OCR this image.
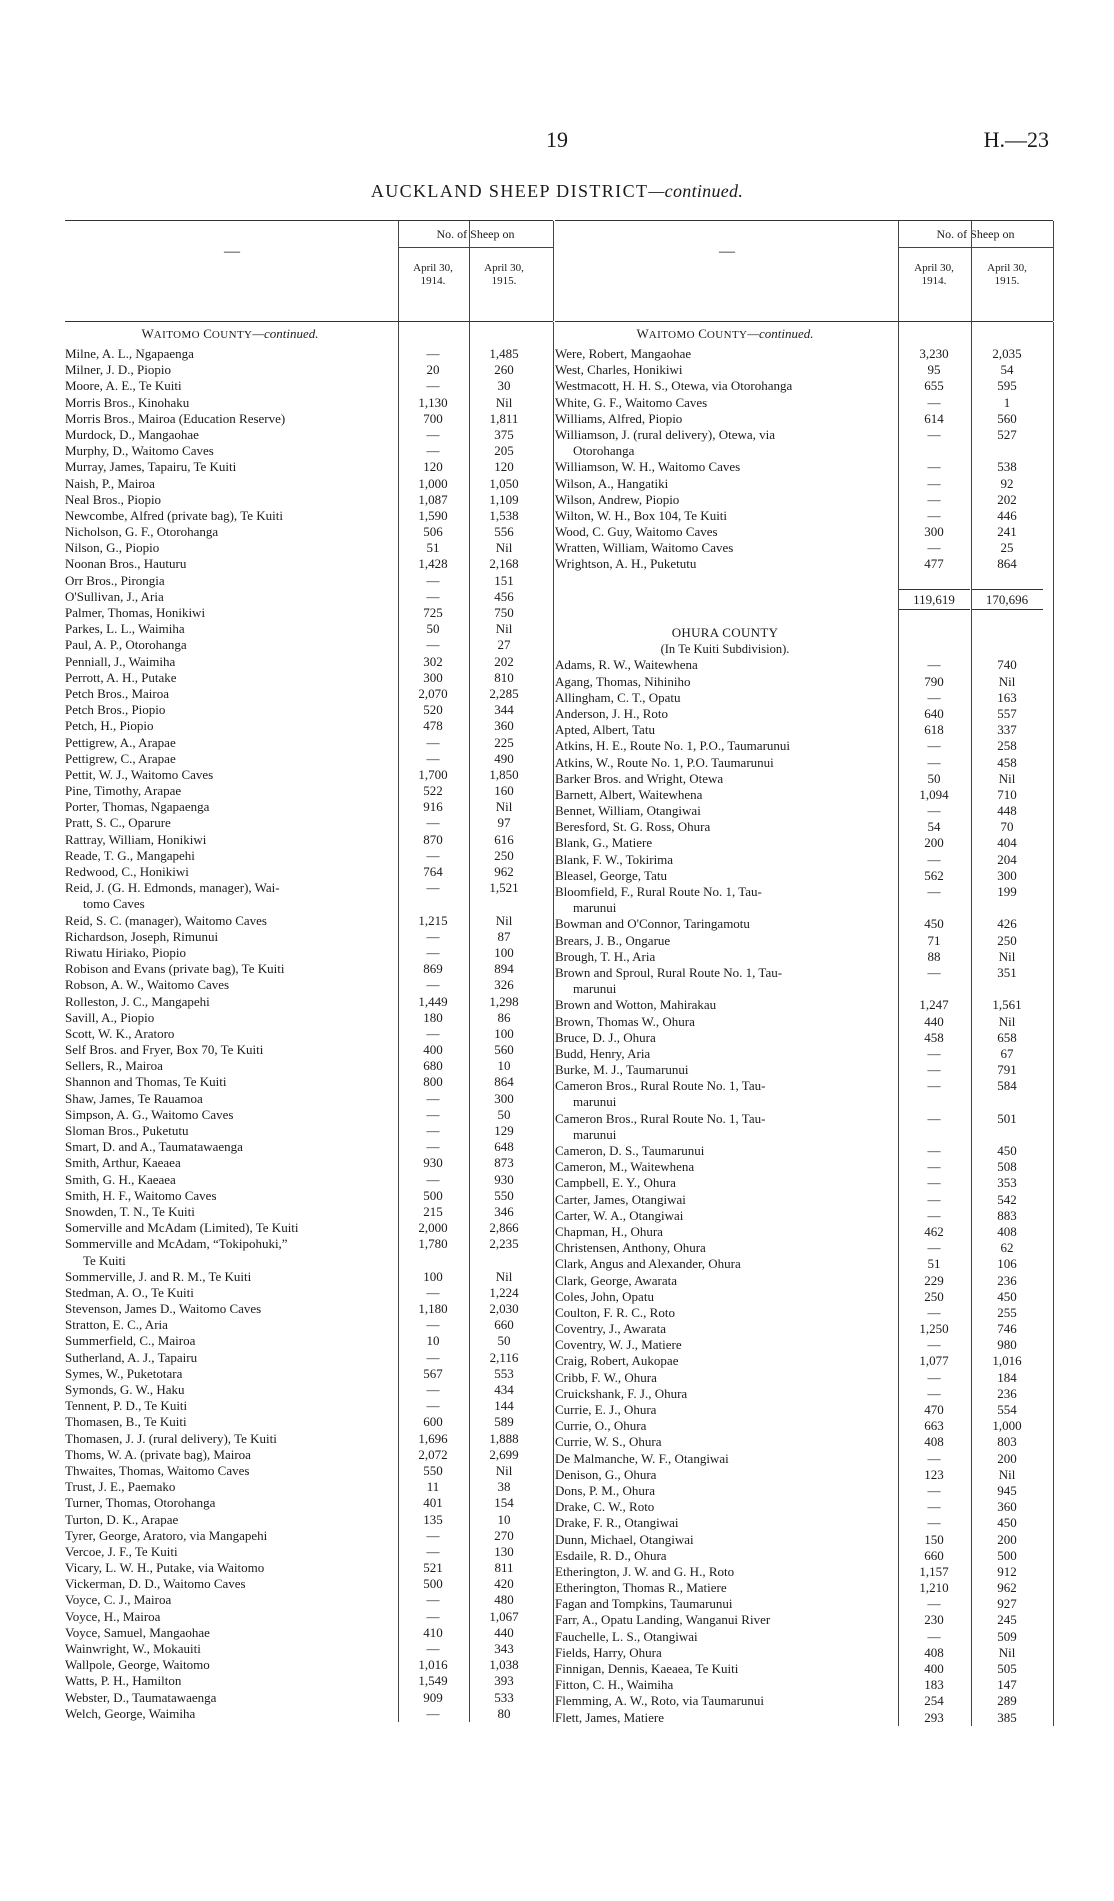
19	H.—23
AUCKLAND SHEEP DISTRICT—continued.
—
No. of Sheep on
April 30,
1914.
April 30,
1915.
WAITOMO COUNTY—continued.
Milne, A. L., Ngapaenga	—	1,485
Milner, J. D., Piopio	20	260
Moore, A. E., Te Kuiti	—	30
Morris Bros., Kinohaku	1,130	Nil
Morris Bros., Mairoa (Education Reserve)	700	1,811
Murdock, D., Mangaohae	—	375
Murphy, D., Waitomo Caves	—	205
Murray, James, Tapairu, Te Kuiti	120	120
Naish, P., Mairoa	1,000	1,050
Neal Bros., Piopio	1,087	1,109
Newcombe, Alfred (private bag), Te Kuiti	1,590	1,538
Nicholson, G. F., Otorohanga	506	556
Nilson, G., Piopio	51	Nil
Noonan Bros., Hauturu	1,428	2,168
Orr Bros., Pirongia	—	151
O'Sullivan, J., Aria	—	456
Palmer, Thomas, Honikiwi	725	750
Parkes, L. L., Waimiha	50	Nil
Paul, A. P., Otorohanga	—	27
Penniall, J., Waimiha	302	202
Perrott, A. H., Putake	300	810
Petch Bros., Mairoa	2,070	2,285
Petch Bros., Piopio	520	344
Petch, H., Piopio	478	360
Pettigrew, A., Arapae	—	225
Pettigrew, C., Arapae	—	490
Pettit, W. J., Waitomo Caves	1,700	1,850
Pine, Timothy, Arapae	522	160
Porter, Thomas, Ngapaenga	916	Nil
Pratt, S. C., Oparure	—	97
Rattray, William, Honikiwi	870	616
Reade, T. G., Mangapehi	—	250
Redwood, C., Honikiwi	764	962
Reid, J. (G. H. Edmonds, manager), Wai-	—	1,521
tomo Caves
Reid, S. C. (manager), Waitomo Caves	1,215	Nil
Richardson, Joseph, Rimunui	—	87
Riwatu Hiriako, Piopio	—	100
Robison and Evans (private bag), Te Kuiti	869	894
Robson, A. W., Waitomo Caves	—	326
Rolleston, J. C., Mangapehi	1,449	1,298
Savill, A., Piopio	180	86
Scott, W. K., Aratoro	—	100
Self Bros. and Fryer, Box 70, Te Kuiti	400	560
Sellers, R., Mairoa	680	10
Shannon and Thomas, Te Kuiti	800	864
Shaw, James, Te Rauamoa	—	300
Simpson, A. G., Waitomo Caves	—	50
Sloman Bros., Puketutu	—	129
Smart, D. and A., Taumatawaenga	—	648
Smith, Arthur, Kaeaea	930	873
Smith, G. H., Kaeaea	—	930
Smith, H. F., Waitomo Caves	500	550
Snowden, T. N., Te Kuiti	215	346
Somerville and McAdam (Limited), Te Kuiti	2,000	2,866
Sommerville and McAdam, “Tokipohuki,”	1,780	2,235
Te Kuiti
Sommerville, J. and R. M., Te Kuiti	100	Nil
Stedman, A. O., Te Kuiti	—	1,224
Stevenson, James D., Waitomo Caves	1,180	2,030
Stratton, E. C., Aria	—	660
Summerfield, C., Mairoa	10	50
Sutherland, A. J., Tapairu	—	2,116
Symes, W., Puketotara	567	553
Symonds, G. W., Haku	—	434
Tennent, P. D., Te Kuiti	—	144
Thomasen, B., Te Kuiti	600	589
Thomasen, J. J. (rural delivery), Te Kuiti	1,696	1,888
Thoms, W. A. (private bag), Mairoa	2,072	2,699
Thwaites, Thomas, Waitomo Caves	550	Nil
Trust, J. E., Paemako	11	38
Turner, Thomas, Otorohanga	401	154
Turton, D. K., Arapae	135	10
Tyrer, George, Aratoro, via Mangapehi	—	270
Vercoe, J. F., Te Kuiti	—	130
Vicary, L. W. H., Putake, via Waitomo	521	811
Vickerman, D. D., Waitomo Caves	500	420
Voyce, C. J., Mairoa	—	480
Voyce, H., Mairoa	—	1,067
Voyce, Samuel, Mangaohae	410	440
Wainwright, W., Mokauiti	—	343
Wallpole, George, Waitomo	1,016	1,038
Watts, P. H., Hamilton	1,549	393
Webster, D., Taumatawaenga	909	533
Welch, George, Waimiha	—	80
—
No. of Sheep on
April 30,
1914.
April 30,
1915.
WAITOMO COUNTY—continued.
Were, Robert, Mangaohae	3,230	2,035
West, Charles, Honikiwi	95	54
Westmacott, H. H. S., Otewa, via Otorohanga	655	595
White, G. F., Waitomo Caves	—	1
Williams, Alfred, Piopio	614	560
Williamson, J. (rural delivery), Otewa, via	—	527
Otorohanga
Williamson, W. H., Waitomo Caves	—	538
Wilson, A., Hangatiki	—	92
Wilson, Andrew, Piopio	—	202
Wilton, W. H., Box 104, Te Kuiti	—	446
Wood, C. Guy, Waitomo Caves	300	241
Wratten, William, Waitomo Caves	—	25
Wrightson, A. H., Puketutu	477	864
119,619	170,696
OHURA COUNTY
(In Te Kuiti Subdivision).
Adams, R. W., Waitewhena	—	740
Agang, Thomas, Nihiniho	790	Nil
Allingham, C. T., Opatu	—	163
Anderson, J. H., Roto	640	557
Apted, Albert, Tatu	618	337
Atkins, H. E., Route No. 1, P.O., Taumarunui	—	258
Atkins, W., Route No. 1, P.O. Taumarunui	—	458
Barker Bros. and Wright, Otewa	50	Nil
Barnett, Albert, Waitewhena	1,094	710
Bennet, William, Otangiwai	—	448
Beresford, St. G. Ross, Ohura	54	70
Blank, G., Matiere	200	404
Blank, F. W., Tokirima	—	204
Bleasel, George, Tatu	562	300
Bloomfield, F., Rural Route No. 1, Tau-	—	199
marunui
Bowman and O'Connor, Taringamotu	450	426
Brears, J. B., Ongarue	71	250
Brough, T. H., Aria	88	Nil
Brown and Sproul, Rural Route No. 1, Tau-	—	351
marunui
Brown and Wotton, Mahirakau	1,247	1,561
Brown, Thomas W., Ohura	440	Nil
Bruce, D. J., Ohura	458	658
Budd, Henry, Aria	—	67
Burke, M. J., Taumarunui	—	791
Cameron Bros., Rural Route No. 1, Tau-	—	584
marunui
Cameron Bros., Rural Route No. 1, Tau-	—	501
marunui
Cameron, D. S., Taumarunui	—	450
Cameron, M., Waitewhena	—	508
Campbell, E. Y., Ohura	—	353
Carter, James, Otangiwai	—	542
Carter, W. A., Otangiwai	—	883
Chapman, H., Ohura	462	408
Christensen, Anthony, Ohura	—	62
Clark, Angus and Alexander, Ohura	51	106
Clark, George, Awarata	229	236
Coles, John, Opatu	250	450
Coulton, F. R. C., Roto	—	255
Coventry, J., Awarata	1,250	746
Coventry, W. J., Matiere	—	980
Craig, Robert, Aukopae	1,077	1,016
Cribb, F. W., Ohura	—	184
Cruickshank, F. J., Ohura	—	236
Currie, E. J., Ohura	470	554
Currie, O., Ohura	663	1,000
Currie, W. S., Ohura	408	803
De Malmanche, W. F., Otangiwai	—	200
Denison, G., Ohura	123	Nil
Dons, P. M., Ohura	—	945
Drake, C. W., Roto	—	360
Drake, F. R., Otangiwai	—	450
Dunn, Michael, Otangiwai	150	200
Esdaile, R. D., Ohura	660	500
Etherington, J. W. and G. H., Roto	1,157	912
Etherington, Thomas R., Matiere	1,210	962
Fagan and Tompkins, Taumarunui	—	927
Farr, A., Opatu Landing, Wanganui River	230	245
Fauchelle, L. S., Otangiwai	—	509
Fields, Harry, Ohura	408	Nil
Finnigan, Dennis, Kaeaea, Te Kuiti	400	505
Fitton, C. H., Waimiha	183	147
Flemming, A. W., Roto, via Taumarunui	254	289
Flett, James, Matiere	293	385
